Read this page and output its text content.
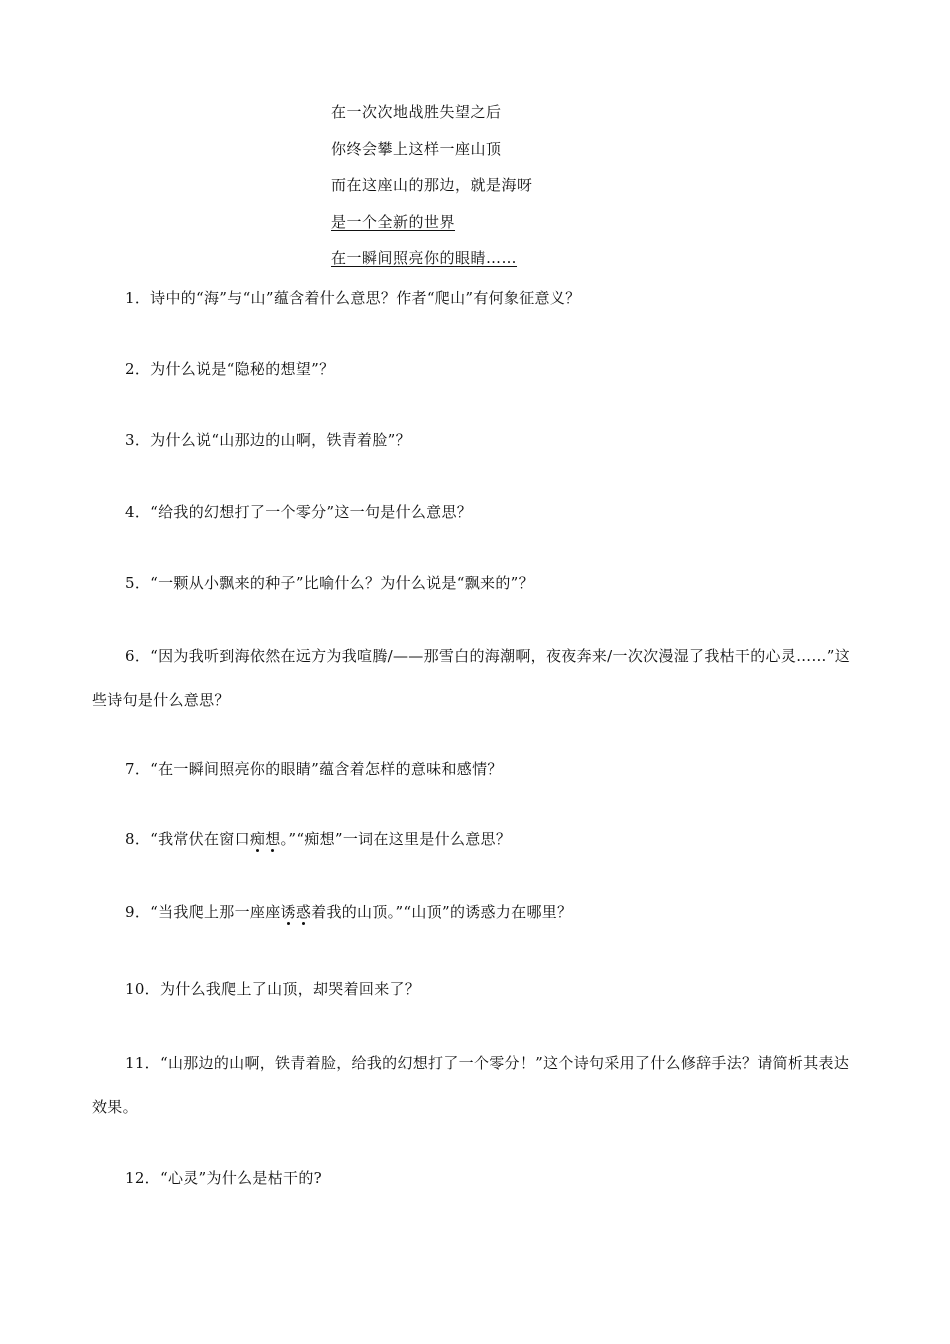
在一次次地战胜失望之后
你终会攀上这样一座山顶
而在这座山的那边，就是海呀
是一个全新的世界
在一瞬间照亮你的眼睛……
1．诗中的“海”与“山”蕴含着什么意思？作者“爬山”有何象征意义？
2．为什么说是“隐秘的想望”？
3．为什么说“山那边的山啊，铁青着脸”？
4．“给我的幻想打了一个零分”这一句是什么意思？
5．“一颗从小飘来的种子”比喻什么？为什么说是“飘来的”？
6．“因为我听到海依然在远方为我喧腾/——那雪白的海潮啊，夜夜奔来/一次次漫湿了我枯干的心灵……”这些诗句是什么意思？
7．“在一瞬间照亮你的眼睛”蕴含着怎样的意味和感情？
8．“我常伏在窗口痴想。”“痴想”一词在这里是什么意思？
9．“当我爬上那一座座诱惑着我的山顶。”“山顶”的诱惑力在哪里？
10．为什么我爬上了山顶，却哭着回来了？
11．“山那边的山啊，铁青着脸，给我的幻想打了一个零分！”这个诗句采用了什么修辞手法？请简析其表达效果。
12．“心灵”为什么是枯干的?
